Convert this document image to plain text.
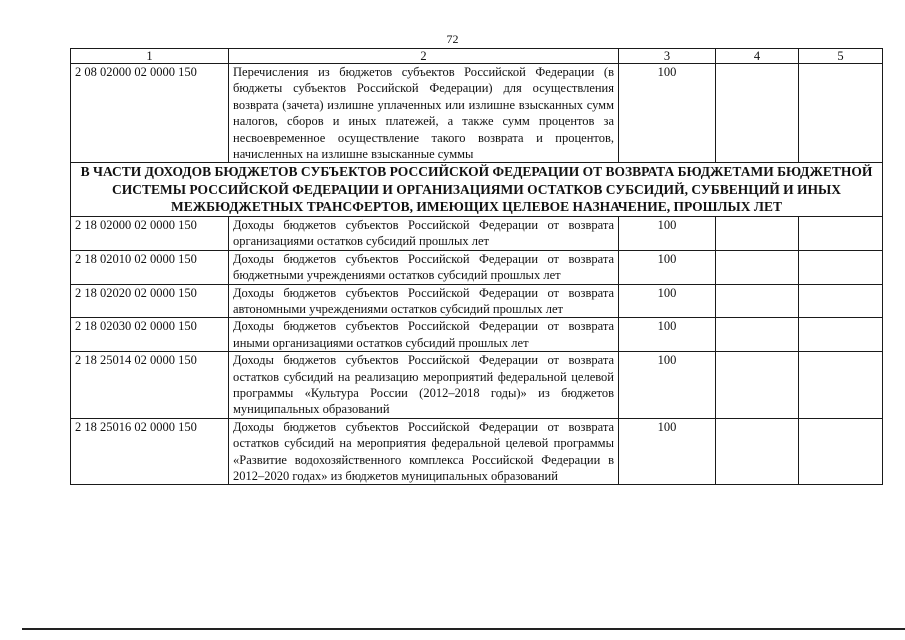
72
1	2	3	4	5
2 08 02000 02 0000 150	Перечисления из бюджетов субъектов Российской Федерации (в бюджеты субъектов Российской Федерации) для осуществления возврата (зачета) излишне уплаченных или излишне взысканных сумм налогов, сборов и иных платежей, а также сумм процентов за несвоевременное осуществление такого возврата и процентов, начисленных на излишне взысканные суммы	100		
В ЧАСТИ ДОХОДОВ БЮДЖЕТОВ СУБЪЕКТОВ РОССИЙСКОЙ ФЕДЕРАЦИИ ОТ ВОЗВРАТА БЮДЖЕТАМИ БЮДЖЕТНОЙ СИСТЕМЫ РОССИЙСКОЙ ФЕДЕРАЦИИ И ОРГАНИЗАЦИЯМИ ОСТАТКОВ СУБСИДИЙ, СУБВЕНЦИЙ И ИНЫХ МЕЖБЮДЖЕТНЫХ ТРАНСФЕРТОВ, ИМЕЮЩИХ ЦЕЛЕВОЕ НАЗНАЧЕНИЕ, ПРОШЛЫХ ЛЕТ				
2 18 02000 02 0000 150	Доходы бюджетов субъектов Российской Федерации от возврата организациями остатков субсидий прошлых лет	100		
2 18 02010 02 0000 150	Доходы бюджетов субъектов Российской Федерации от возврата бюджетными учреждениями остатков субсидий прошлых лет	100		
2 18 02020 02 0000 150	Доходы бюджетов субъектов Российской Федерации от возврата автономными учреждениями остатков субсидий прошлых лет	100		
2 18 02030 02 0000 150	Доходы бюджетов субъектов Российской Федерации от возврата иными организациями остатков субсидий прошлых лет	100		
2 18 25014 02 0000 150	Доходы бюджетов субъектов Российской Федерации от возврата остатков субсидий на реализацию мероприятий федеральной целевой программы «Культура России (2012–2018 годы)» из бюджетов муниципальных образований	100		
2 18 25016 02 0000 150	Доходы бюджетов субъектов Российской Федерации от возврата остатков субсидий на мероприятия федеральной целевой программы «Развитие водохозяйственного комплекса Российской Федерации в 2012–2020 годах» из бюджетов муниципальных образований	100		
